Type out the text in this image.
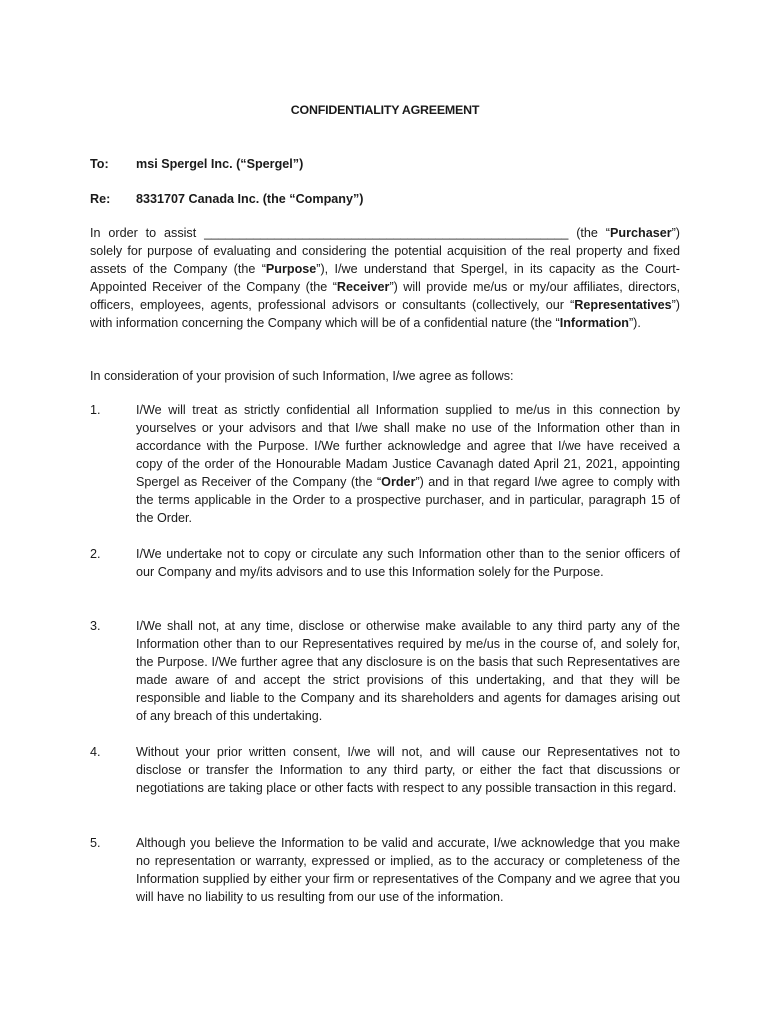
CONFIDENTIALITY AGREEMENT
To: msi Spergel Inc. (“Spergel”)
Re: 8331707 Canada Inc. (the “Company”)
In order to assist ____________________________________________________ (the “Purchaser”) solely for purpose of evaluating and considering the potential acquisition of the real property and fixed assets of the Company (the “Purpose”), I/we understand that Spergel, in its capacity as the Court-Appointed Receiver of the Company (the “Receiver”) will provide me/us or my/our affiliates, directors, officers, employees, agents, professional advisors or consultants (collectively, our “Representatives”) with information concerning the Company which will be of a confidential nature (the “Information”).
In consideration of your provision of such Information, I/we agree as follows:
1.	I/We will treat as strictly confidential all Information supplied to me/us in this connection by yourselves or your advisors and that I/we shall make no use of the Information other than in accordance with the Purpose. I/We further acknowledge and agree that I/we have received a copy of the order of the Honourable Madam Justice Cavanagh dated April 21, 2021, appointing Spergel as Receiver of the Company (the “Order”) and in that regard I/we agree to comply with the terms applicable in the Order to a prospective purchaser, and in particular, paragraph 15 of the Order.
2.	I/We undertake not to copy or circulate any such Information other than to the senior officers of our Company and my/its advisors and to use this Information solely for the Purpose.
3.	I/We shall not, at any time, disclose or otherwise make available to any third party any of the Information other than to our Representatives required by me/us in the course of, and solely for, the Purpose. I/We further agree that any disclosure is on the basis that such Representatives are made aware of and accept the strict provisions of this undertaking, and that they will be responsible and liable to the Company and its shareholders and agents for damages arising out of any breach of this undertaking.
4.	Without your prior written consent, I/we will not, and will cause our Representatives not to disclose or transfer the Information to any third party, or either the fact that discussions or negotiations are taking place or other facts with respect to any possible transaction in this regard.
5.	Although you believe the Information to be valid and accurate, I/we acknowledge that you make no representation or warranty, expressed or implied, as to the accuracy or completeness of the Information supplied by either your firm or representatives of the Company and we agree that you will have no liability to us resulting from our use of the information.
